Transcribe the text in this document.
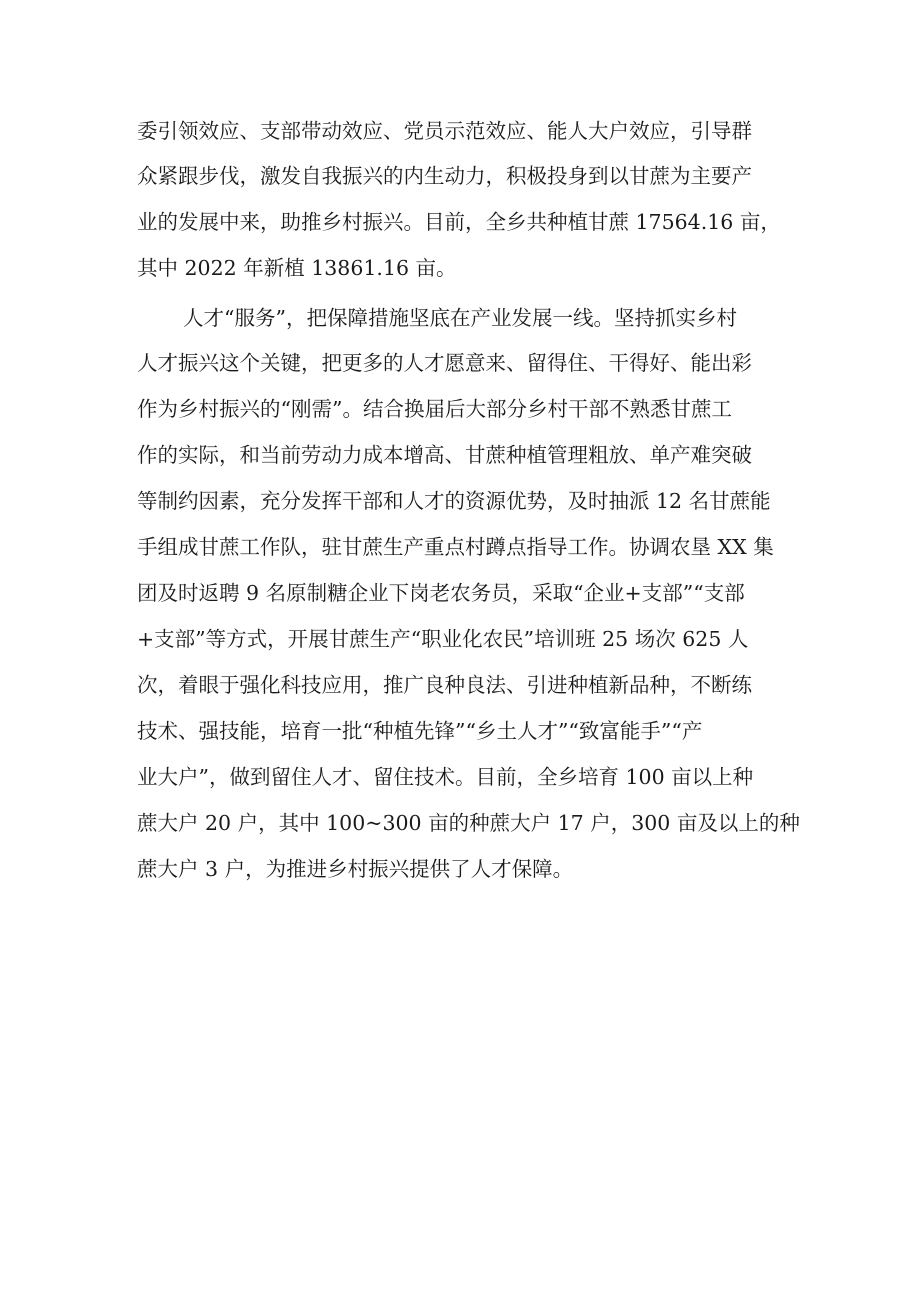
委引领效应、支部带动效应、党员示范效应、能人大户效应，引导群
众紧跟步伐，激发自我振兴的内生动力，积极投身到以甘蔗为主要产
业的发展中来，助推乡村振兴。目前，全乡共种植甘蔗 17564.16 亩，
其中 2022 年新植 13861.16 亩。
人才“服务”，把保障措施坚底在产业发展一线。坚持抓实乡村
人才振兴这个关键，把更多的人才愿意来、留得住、干得好、能出彩
作为乡村振兴的“刚需”。结合换届后大部分乡村干部不熟悉甘蔗工
作的实际，和当前劳动力成本增高、甘蔗种植管理粗放、单产难突破
等制约因素，充分发挥干部和人才的资源优势，及时抽派 12 名甘蔗能
手组成甘蔗工作队，驻甘蔗生产重点村蹲点指导工作。协调农垦 XX 集
团及时返聘 9 名原制糖企业下岗老农务员，采取“企业+支部”“支部
+支部”等方式，开展甘蔗生产“职业化农民”培训班 25 场次 625 人
次，着眼于强化科技应用，推广良种良法、引进种植新品种，不断练
技术、强技能，培育一批“种植先锋”“乡土人才”“致富能手”“产
业大户”，做到留住人才、留住技术。目前，全乡培育 100 亩以上种
蔗大户 20 户，其中 100~300 亩的种蔗大户 17 户，300 亩及以上的种
蔗大户 3 户，为推进乡村振兴提供了人才保障。
